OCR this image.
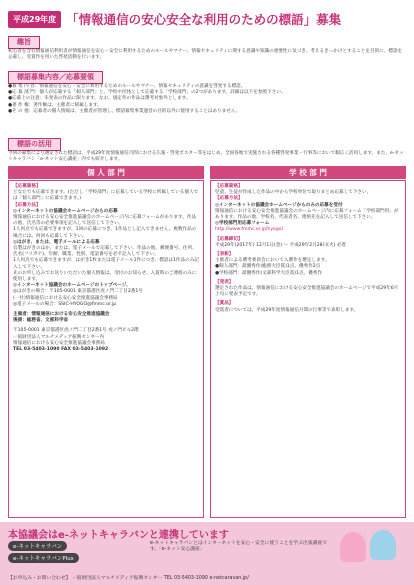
平成29年度 「情報通信の安心安全な利用のための標語」募集
趣旨
初心者を含む情報通信利用者が情報通信を安心・安全に利用するためのルールやマナー、情報セキュリティに関する意識や知識の重要性に気づき、考えるきっかけとすることを目的に、標語を公募し、受賞作を用いた啓発活動を行います。
標語募集内容／応募要領
●募 集 内 容：情報通信を安心・安全に利用するためのルールやマナー、情報セキュリティの意識を啓発する標語。
●応 募 部 門：個人が応募する「個人部門」と、学校や団体として応募する「学校部門」の2つがあります。詳細は以下を参照下さい。
●応募上の注意：未発表の作品に限ります。なお、規定外の作品は選考対象外とします。
●著 作 権：著作権は、主催者に帰属します。
●そ の 他：応募者の個人情報は、主催者が管理し、標語募集事業運営の目的以外に使用することはありません。
標語の活用
今回の募集により選定された標語は、平成29年度情報通信月間における広報・啓発ポスター等をはじめ、全国各地で実施される各種啓発事業・行事等において幅広く活用します。また、e-ネットキャラバン「e-ネット安心講座」内でも紹介します。
個 人 部 門
【応募資格】
どなたでも応募できます。(ただし「学校部門」に応募している学校に所属している個人では「個人部門」に応募できます。)
【応募方法】
◎インターネットの協議会ホームページからの応募
情報通信における安心安全推進協議会のホームページ内に応募フォームがあります。作品の他、氏名等の必要事項を記入して送信して下さい。
1人何点でも応募できますが、1回の応募につき、1作品とし記入できません。複数作品の場合には、何回も応募して下さい。
◎はがき、または、電子メールによる応募
官製はがきのほか、または、電子メールで応募して下さい。作品の他、郵便番号、住所、氏名(フリガナ)、年齢、職業、性別、電話番号を必ず記入して下さい。
1人何点でも応募できますが、はがき1枚または電子メール1件につき、標語は1作品のみ記入して下さい。
先のお申し込みでお送りいただいた個人情報は、受付のお知らせ、入賞時のご連絡のみに使用します。
◎インターネット協議会のホームページのトップページ、
◎はがきの場合：〒105-0001 東京都港区虎ノ門二丁目2番1号
(一社)情報通信における安心安全推進協議会事務局
◎電子メールの場合：SSIC-HYOGO@fmmc.or.jp
主催者：情報通信における安心安全推進協議会
後援：総務省、文部科学省
〒105-0001 東京都港区虎ノ門二丁目2番1号 虎ノ門ビル2階
一般財団法人マルチメディア振興センター内
情報通信における安心安全推進協議会事務局
TEL 03-5403-1090 FAX 03-5403-1092
学 校 部 門
【応募資格】
児童、生徒が作成した作品の中から学校単位で取りまとめ応募して下さい。
【応募方法】
◎インターネットの協議会ホームページからのみの応募を受付
情報通信における安心安全推進協議会のホームページ内に応募フォーム「学校部門用」があります。作品の他、学校名、代表者名、連絡先を記入して送信して下さい。
◎学校部門用応募フォーム
http://www.fmmc.or.jp/hyogo/
【応募締切】
平成29年(2017年) 12月1日(金) ～ 平成29年2月28日(火) 必着
【表彰】
主催者による選考委員会において入選作を選定します。
●個人部門：最優秀作(総務大臣賞)1点、優秀作2点
●学校部門：最優秀作(文部科学大臣賞)1点、優秀作
【発表】
選定された作品は、情報通信における安心安全推進協議会のホームページで平成29年6月上旬に発表予定です。
【賞品】
受賞者については、平成29年度情報通信月間の行事等で表彰します。
本協議会はe-ネットキャラバンと連携しています
e-ネットキャラバン
e-ネットキャラバンPlus
e-ネットキャラバンとはインターネットを安心・安全に使うことを学ぶ出張講座です。「e-ネット安心講座」
【お申込み・お問い合わせ】 一般財団法人マルチメディア振興センター TEL 03-5403-1090 e-netcaravan.jp/
